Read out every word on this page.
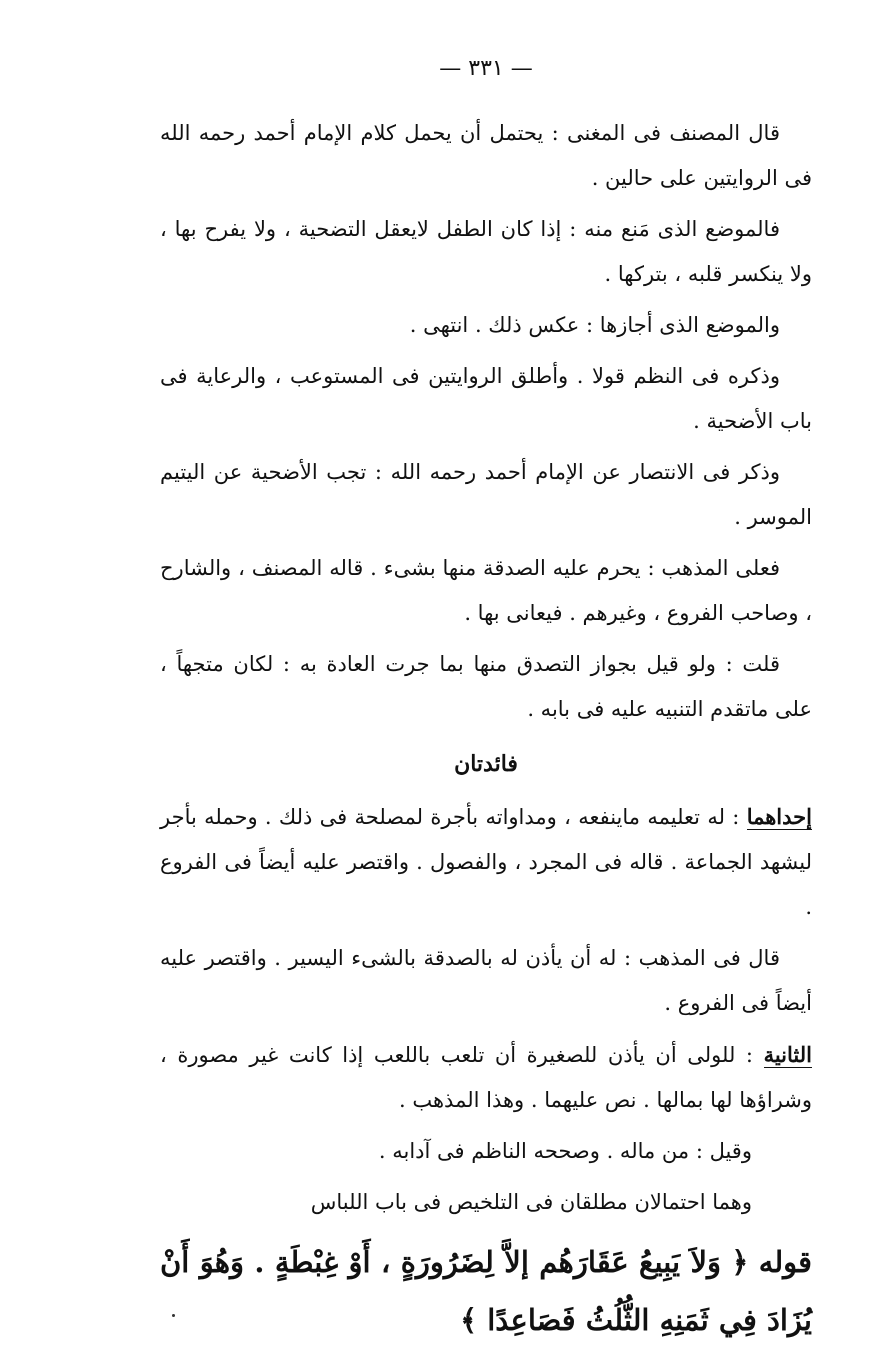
— ٣٣١ —

قال المصنف فى المغنى : يحتمل أن يحمل كلام الإمام أحمد رحمه الله فى الروايتين على حالين .

فالموضع الذى مَنع منه : إذا كان الطفل لايعقل التضحية ، ولا يفرح بها ، ولا ينكسر قلبه ، بتركها .

والموضع الذى أجازها : عكس ذلك . انتهى .

وذكره فى النظم قولا . وأطلق الروايتين فى المستوعب ، والرعاية فى باب الأضحية .

وذكر فى الانتصار عن الإمام أحمد رحمه الله : تجب الأضحية عن اليتيم الموسر .

فعلى المذهب : يحرم عليه الصدقة منها بشىء . قاله المصنف ، والشارح ، وصاحب الفروع ، وغيرهم . فيعانى بها .

قلت : ولو قيل بجواز التصدق منها بما جرت العادة به : لكان متجهاً ، على ماتقدم التنبيه عليه فى بابه .

فائدتان

إحداهما : له تعليمه ماينفعه ، ومداواته بأجرة لمصلحة فى ذلك . وحمله بأجر ليشهد الجماعة . قاله فى المجرد ، والفصول . واقتصر عليه أيضاً فى الفروع .

قال فى المذهب : له أن يأذن له بالصدقة بالشىء اليسير . واقتصر عليه أيضاً فى الفروع .

الثانية : للولى أن يأذن للصغيرة أن تلعب باللعب إذا كانت غير مصورة ، وشراؤها لها بمالها . نص عليهما . وهذا المذهب .

وقيل : من ماله . وصححه الناظم فى آدابه .

وهما احتمالان مطلقان فى التلخيص فى باب اللباس

قوله ﴿ وَلاَ يَبِيعُ عَقَارَهُم إلاَّ لِضَرُورَةٍ ، أَوْ غِبْطَةٍ . وَهُوَ أَنْ يُزَادَ فِي ثَمَنِهِ الثُّلُثُ فَصَاعِدًا ﴾
